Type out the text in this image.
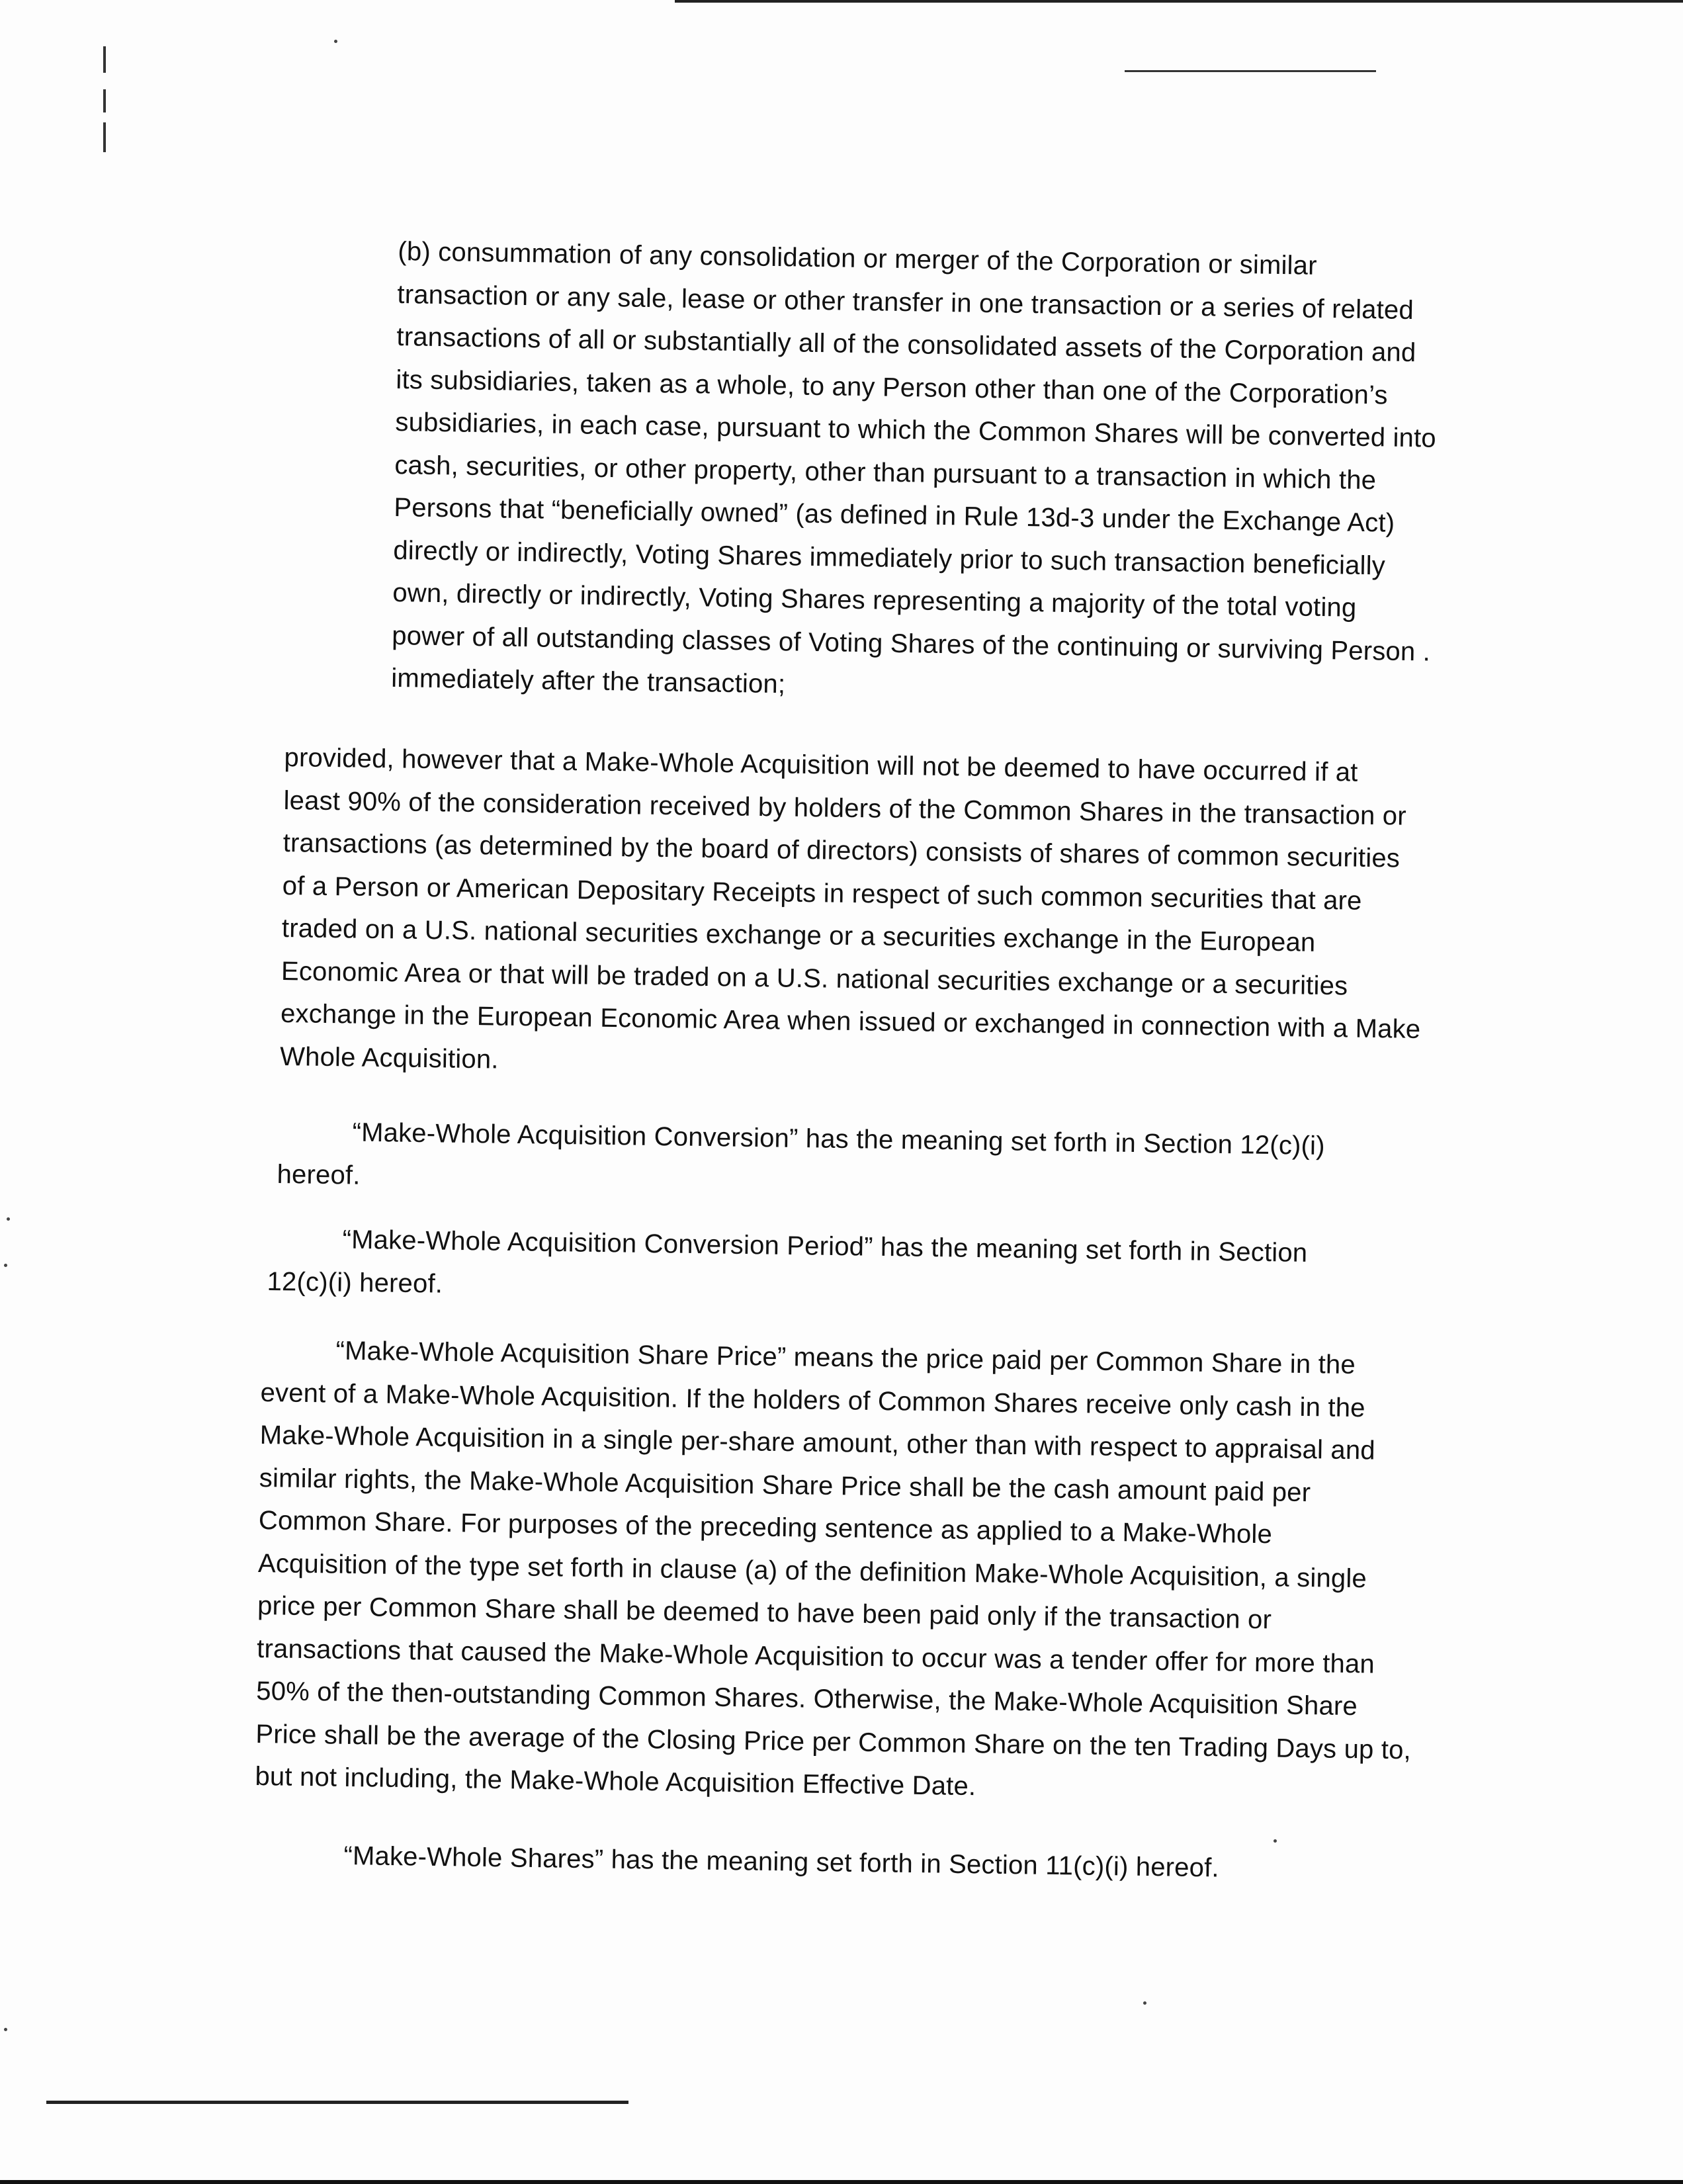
(b) consummation of any consolidation or merger of the Corporation or similar
transaction or any sale, lease or other transfer in one transaction or a series of related
transactions of all or substantially all of the consolidated assets of the Corporation and
its subsidiaries, taken as a whole, to any Person other than one of the Corporation’s
subsidiaries, in each case, pursuant to which the Common Shares will be converted into
cash, securities, or other property, other than pursuant to a transaction in which the
Persons that “beneficially owned” (as defined in Rule 13d-3 under the Exchange Act)
directly or indirectly, Voting Shares immediately prior to such transaction beneficially
own, directly or indirectly, Voting Shares representing a majority of the total voting
power of all outstanding classes of Voting Shares of the continuing or surviving Person .
immediately after the transaction;
provided, however that a Make-Whole Acquisition will not be deemed to have occurred if at
least 90% of the consideration received by holders of the Common Shares in the transaction or
transactions (as determined by the board of directors) consists of shares of common securities
of a Person or American Depositary Receipts in respect of such common securities that are
traded on a U.S. national securities exchange or a securities exchange in the European
Economic Area or that will be traded on a U.S. national securities exchange or a securities
exchange in the European Economic Area when issued or exchanged in connection with a Make
Whole Acquisition.
“Make-Whole Acquisition Conversion” has the meaning set forth in Section 12(c)(i)
hereof.
“Make-Whole Acquisition Conversion Period” has the meaning set forth in Section
12(c)(i) hereof.
“Make-Whole Acquisition Share Price” means the price paid per Common Share in the
event of a Make-Whole Acquisition. If the holders of Common Shares receive only cash in the
Make-Whole Acquisition in a single per-share amount, other than with respect to appraisal and
similar rights, the Make-Whole Acquisition Share Price shall be the cash amount paid per
Common Share. For purposes of the preceding sentence as applied to a Make-Whole
Acquisition of the type set forth in clause (a) of the definition Make-Whole Acquisition, a single
price per Common Share shall be deemed to have been paid only if the transaction or
transactions that caused the Make-Whole Acquisition to occur was a tender offer for more than
50% of the then-outstanding Common Shares. Otherwise, the Make-Whole Acquisition Share
Price shall be the average of the Closing Price per Common Share on the ten Trading Days up to,
but not including, the Make-Whole Acquisition Effective Date.
“Make-Whole Shares” has the meaning set forth in Section 11(c)(i) hereof.
